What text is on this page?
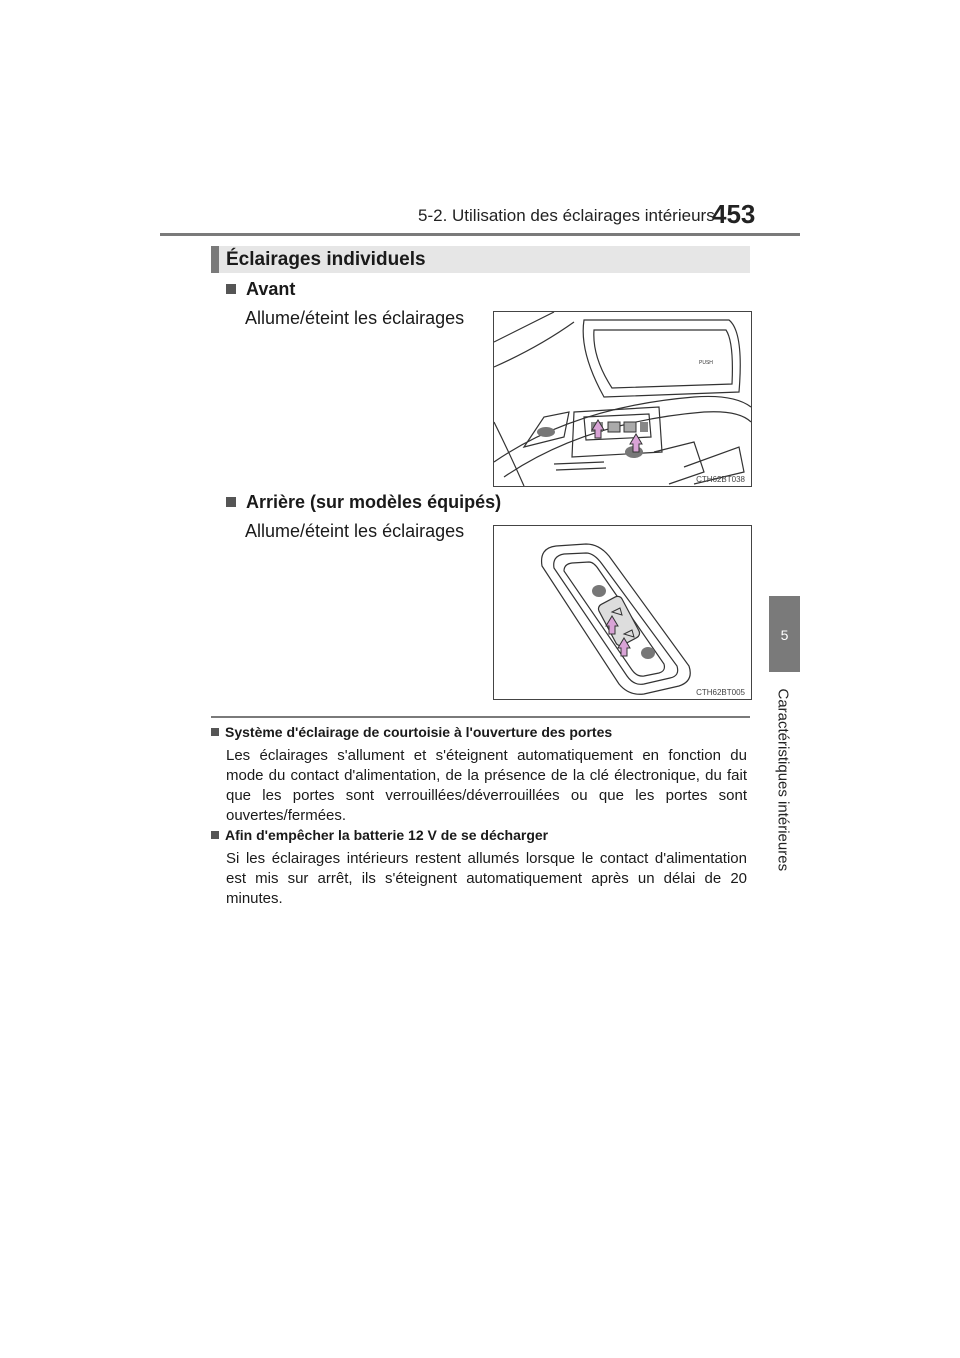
5-2. Utilisation des éclairages intérieurs
453
5
Caractéristiques intérieures
Éclairages individuels
Avant
Allume/éteint les éclairages
PUSH
CTH62BT038
Arrière (sur modèles équipés)
Allume/éteint les éclairages
CTH62BT005
Système d'éclairage de courtoisie à l'ouverture des portes
Les éclairages s'allument et s'éteignent automatiquement en fonction du mode du contact d'alimentation, de la présence de la clé électronique, du fait que les portes sont verrouillées/déverrouillées ou que les portes sont ouvertes/fermées.
Afin d'empêcher la batterie 12 V de se décharger
Si les éclairages intérieurs restent allumés lorsque le contact d'alimentation est mis sur arrêt, ils s'éteignent automatiquement après un délai de 20 minutes.
